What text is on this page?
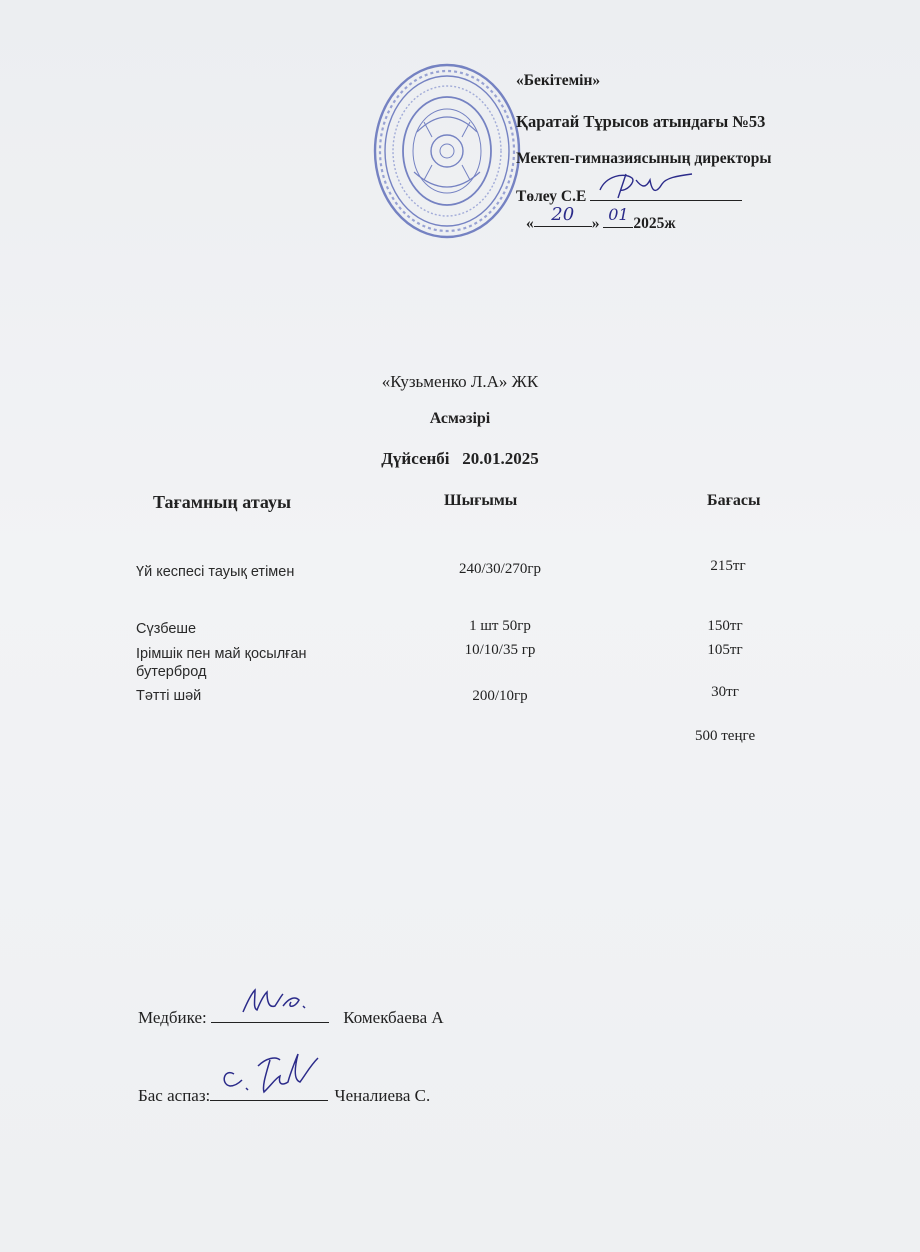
«Бекітемін»
Қаратай Тұрысов атындағы №53
Мектеп-гимназиясының директоры
Төлеу С.Е
« 20 » 01 2025ж
«Кузьменко Л.А» ЖК
Асмәзірі
Дүйсенбі   20.01.2025
Тағамның атауы	Шығымы	Бағасы
Үй кеспесі тауық етімен	240/30/270гр	215тг
Сүзбеше	1 шт 50гр	150тг
Ірімшік пен май қосылған
бутерброд
10/10/35 гр	105тг
Тәтті шәй	200/10гр	30тг
500 теңге
Медбике:	Комекбаева А
Бас аспаз:	Ченалиева С.
